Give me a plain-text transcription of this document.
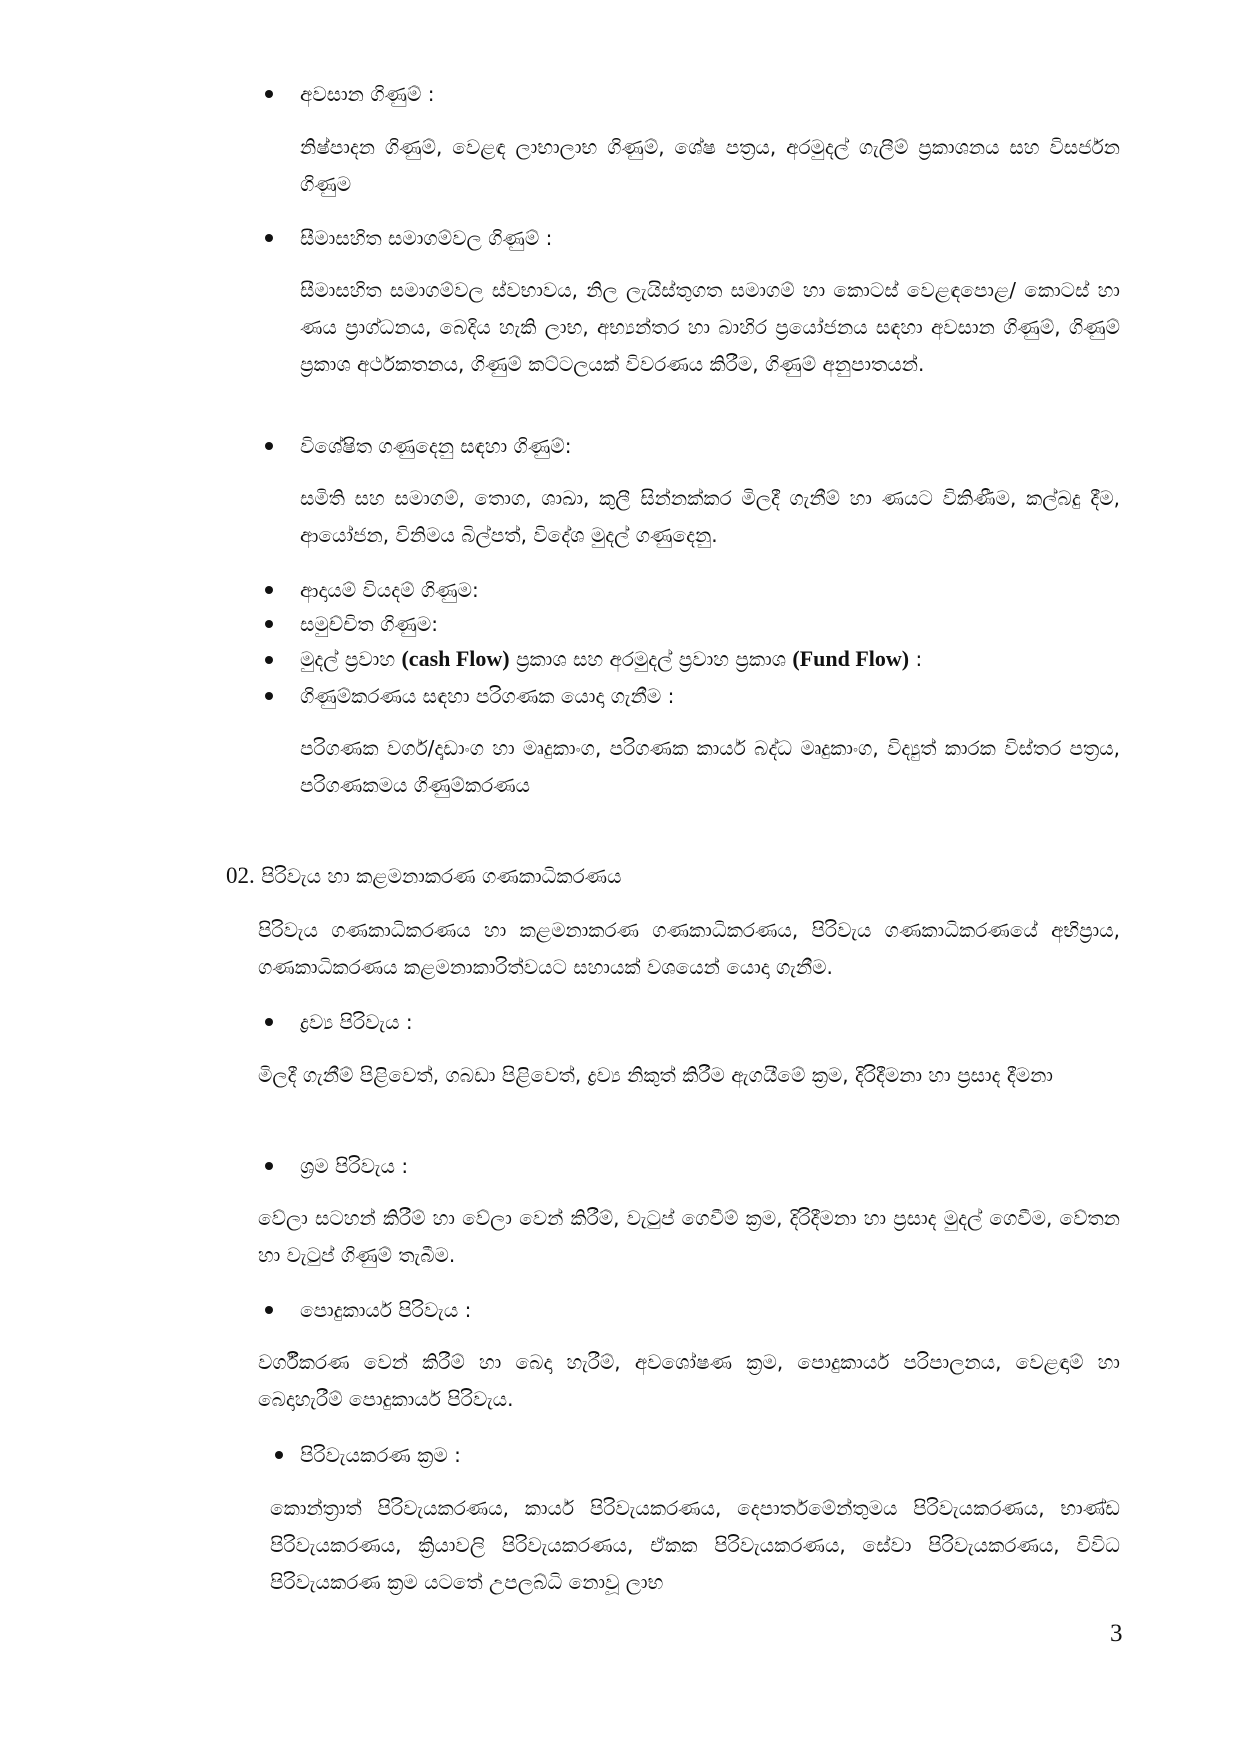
අවසාන ගිණුම් :
නිෂ්පාදන ගිණුම්, වෙළඳ ලාභාලාභ ගිණුම්, ශේෂ පත්‍රය, අරමුදල් ගැලීම් ප්‍රකාශනය සහ විසර්ජන ගිණුම
සීමාසහිත සමාගම්වල ගිණුම් :
සීමාසහිත සමාගම්වල ස්වභාවය, නිල ලැයිස්තුගත සමාගම් හා කොටස් වෙළඳපොළ/ කොටස් හා ණය ප්‍රාග්ධනය, බෙදිය හැකි ලාභ, අභ්‍යන්තර හා බාහිර ප්‍රයෝජනය සඳහා අවසාන ගිණුම්, ගිණුම් ප්‍රකාශ අර්ථකතනය, ගිණුම් කට්ටලයක් විවරණය කිරීම, ගිණුම් අනුපාතයන්.
විශේෂිත ගණුදෙනු සඳහා ගිණුම්:
සමිති සහ සමාගම්, තොග, ශාඛා, කුලී සින්නක්කර මිලදී ගැනීම් හා ණයට විකිණීම, කල්බදු දීම, ආයෝජන, විනිමය බිල්පත්, විදේශ මුදල් ගණුදෙනු.
ආදායම් වියදම් ගිණුම:
සමුච්චිත ගිණුම:
මුදල් ප්‍රවාහ (cash Flow) ප්‍රකාශ සහ අරමුදල් ප්‍රවාහ ප්‍රකාශ (Fund Flow) :
ගිණුම්කරණය සඳහා පරිගණක යොදා ගැනීම :
පරිගණක වර්ග/දෘඩාංග හා මෘදුකාංග, පරිගණක කාර්ය බද්ධ මෘදුකාංග, විද්‍යුත් කාරක විස්තර පත්‍රය, පරිගණකමය ගිණුම්කරණය
02. පිරිවැය හා කළමනාකරණ ගණකාධිකරණය
පිරිවැය ගණකාධිකරණය හා කළමනාකරණ ගණකාධිකරණය, පිරිවැය ගණකාධිකරණයේ අභිප්‍රාය, ගණකාධිකරණය කළමනාකාරිත්වයට සහායක් වශයෙන් යොදා ගැනීම.
ද්‍රව්‍ය පිරිවැය :
මිලදී ගැනීම් පිළිවෙත්, ගබඩා පිළිවෙත්, ද්‍රව්‍ය නිකුත් කිරීම ඇගයීමේ ක්‍රම, දිරිදීමනා හා ප්‍රසාද දීමනා
ශ්‍රම පිරිවැය :
වේලා සටහන් කිරීම් හා වේලා වෙන් කිරීම්, වැටුප් ගෙවීම් ක්‍රම, දිරිදීමනා හා ප්‍රසාද මුදල් ගෙවීම, වේතන හා වැටුප් ගිණුම් තැබීම.
පොදුකාර්ය පිරිවැය :
වර්ගීකරණ වෙන් කිරීම් හා බෙදා හැරීම්, අවශෝෂණ ක්‍රම, පොදුකාර්ය පරිපාලනය, වෙළඳාම් හා බෙදාහැරීම් පොදුකාර්ය පිරිවැය.
පිරිවැයකරණ ක්‍රම :
කොන්ත්‍රාත් පිරිවැයකරණය, කාර්ය පිරිවැයකරණය, දෙපාර්තමේන්තුමය පිරිවැයකරණය, භාණ්ඩ පිරිවැයකරණය, ක්‍රියාවලි පිරිවැයකරණය, ඒකක පිරිවැයකරණය, සේවා පිරිවැයකරණය, විවිධ පිරිවැයකරණ ක්‍රම යටතේ උපලබ්ධි නොවූ ලාභ
3
